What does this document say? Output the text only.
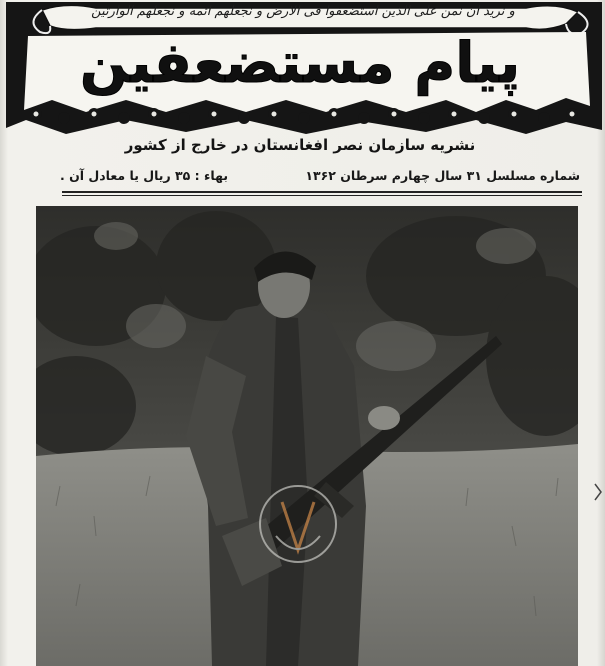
و نرید ان نمن علی الذین استضعفوا فی الارض و نجعلهم ائمه و نجعلهم الوارثین
پیام مستضعفین
نشریه سازمان نصر افغانستان در خارج از کشور
شماره مسلسل ۳۱ سال چهارم سرطان ۱۳۶۲
بهاء : ۳۵ ریال یا معادل آن .
